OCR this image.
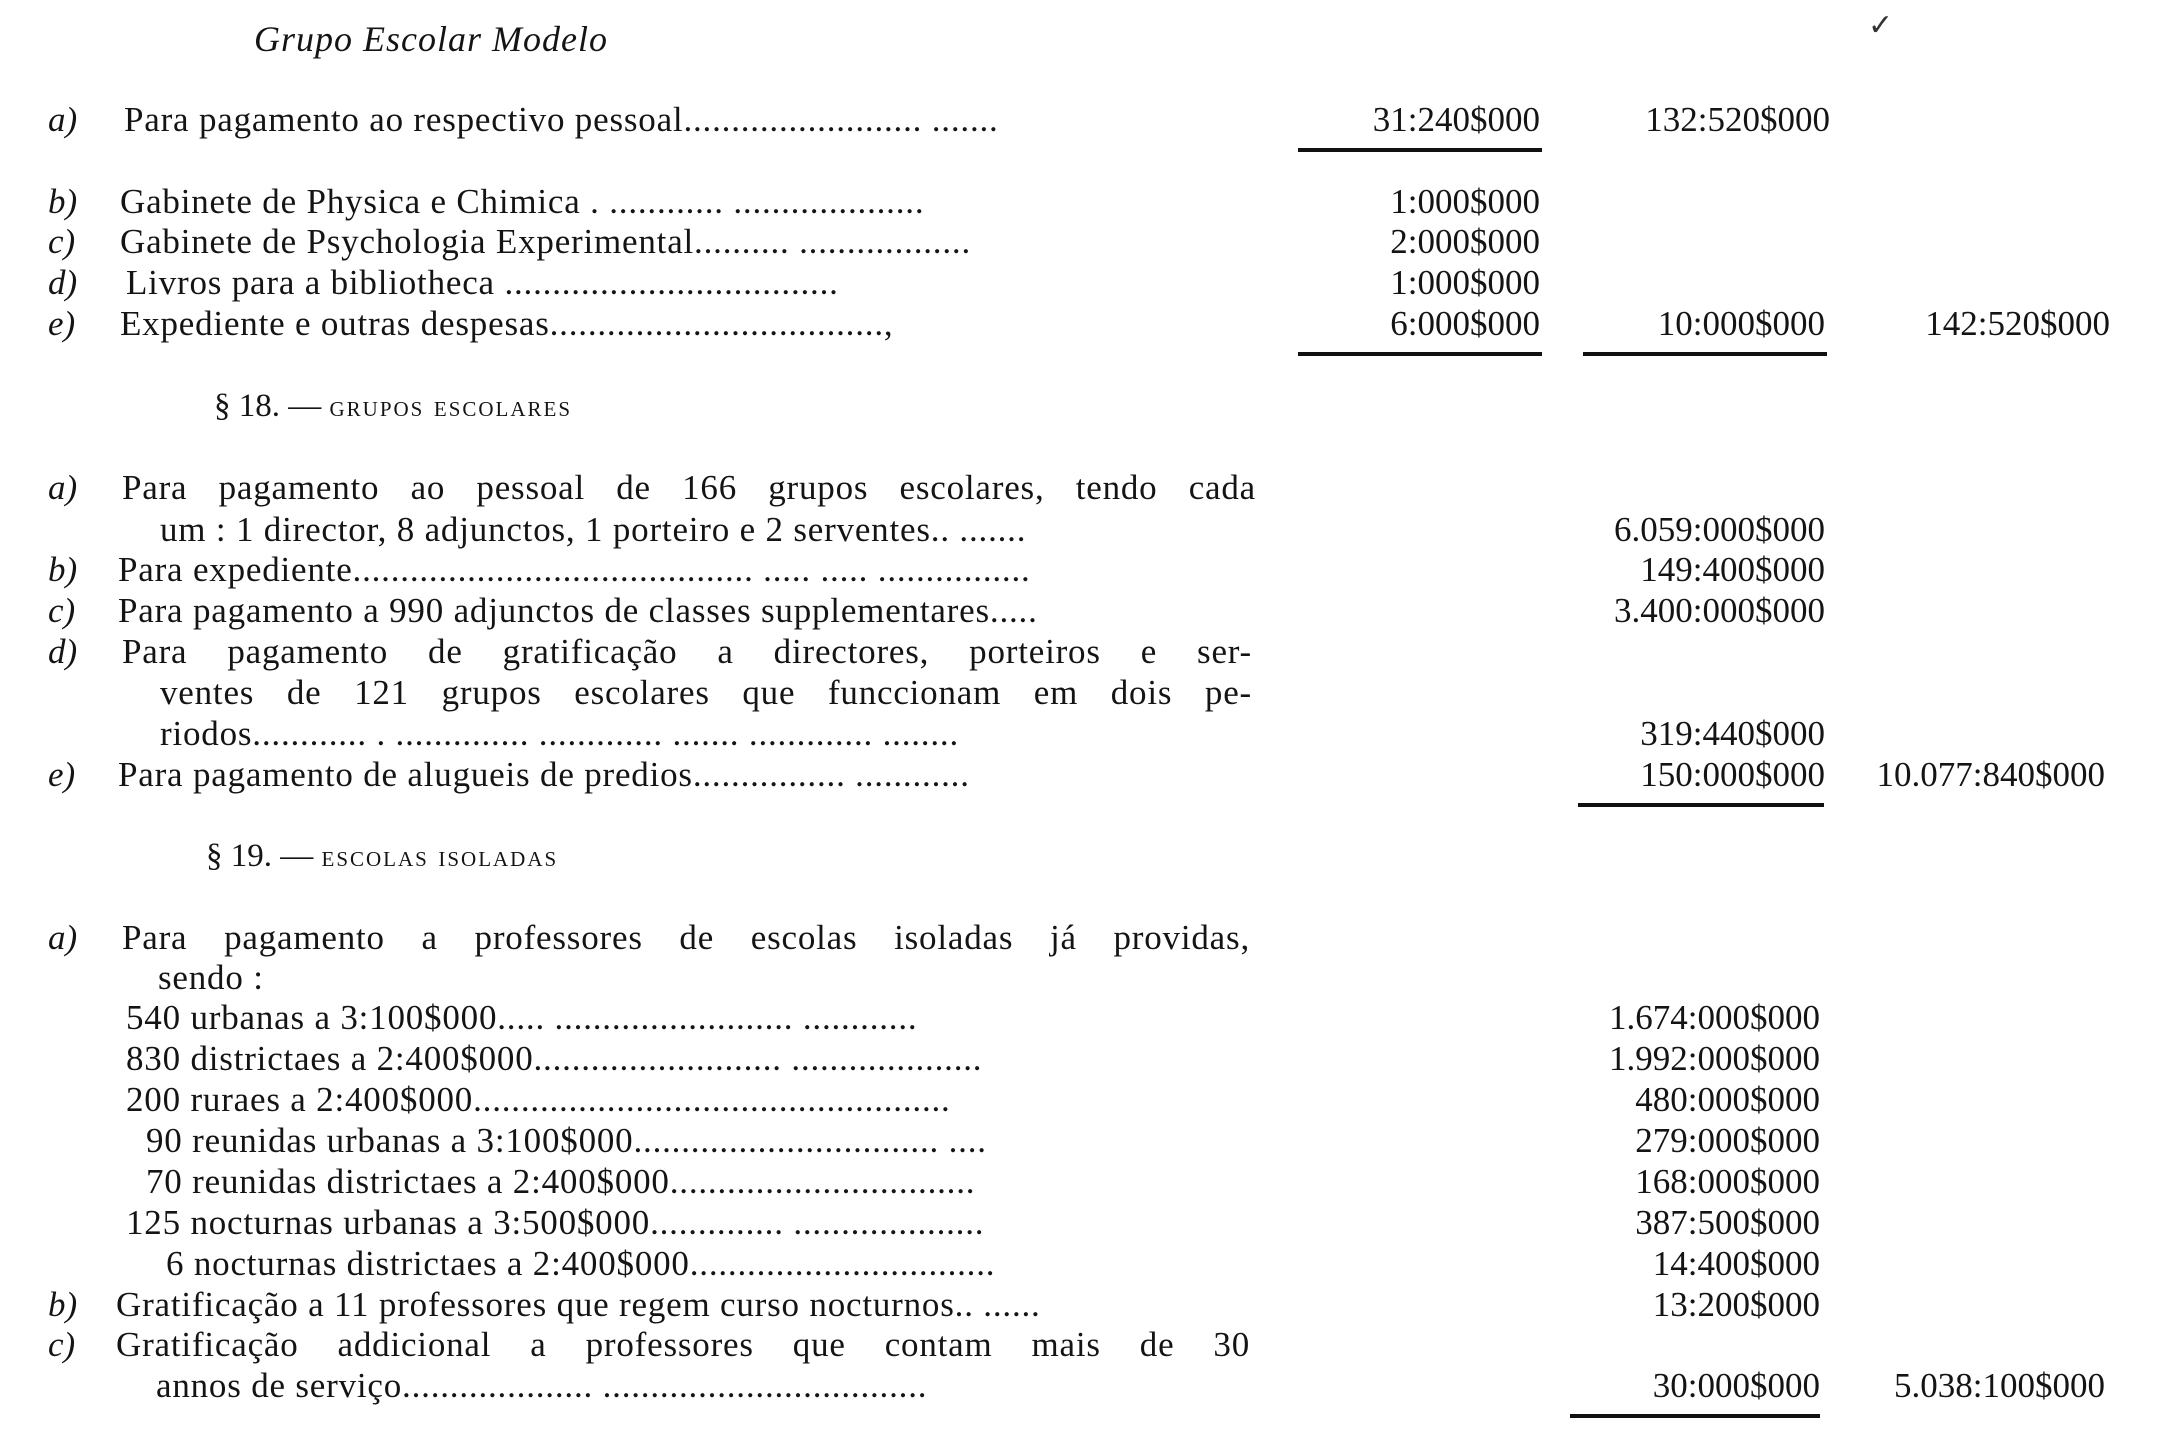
✓
Grupo Escolar Modelo
a) Para pagamento ao respectivo pessoal......................... .......	31:240$000	132:520$000
b) Gabinete de Physica e Chimica . ............ ....................	1:000$000
c) Gabinete de Psychologia Experimental.......... ..................	2:000$000
d) Livros para a bibliotheca ...................................	1:000$000
e) Expediente e outras despesas...................................,	6:000$000	10:000$000	142:520$000
§ 18. — grupos escolares
a) Para pagamento ao pessoal de 166 grupos escolares, tendo cada
um : 1 director, 8 adjunctos, 1 porteiro e 2 serventes.. .......	6.059:000$000
b) Para expediente.......................................... ..... ..... ................	149:400$000
c) Para pagamento a 990 adjunctos de classes supplementares.....	3.400:000$000
d) Para pagamento de gratificação a directores, porteiros e ser-
ventes de 121 grupos escolares que funccionam em dois pe-
riodos............ . .............. ............. ....... ............. ........	319:440$000
e) Para pagamento de alugueis de predios................ ............	150:000$000	10.077:840$000
§ 19. — escolas isoladas
a) Para pagamento a professores de escolas isoladas já providas,
sendo :
540 urbanas a 3:100$000..... ......................... ............	1.674:000$000
830 districtaes a 2:400$000.......................... ....................	1.992:000$000
200 ruraes a 2:400$000..................................................	480:000$000
90 reunidas urbanas a 3:100$000................................ ....	279:000$000
70 reunidas districtaes a 2:400$000................................	168:000$000
125 nocturnas urbanas a 3:500$000.............. ....................	387:500$000
6 nocturnas districtaes a 2:400$000................................	14:400$000
b) Gratificação a 11 professores que regem curso nocturnos.. ......	13:200$000
c) Gratificação addicional a professores que contam mais de 30
annos de serviço.................... ..................................	30:000$000	5.038:100$000
